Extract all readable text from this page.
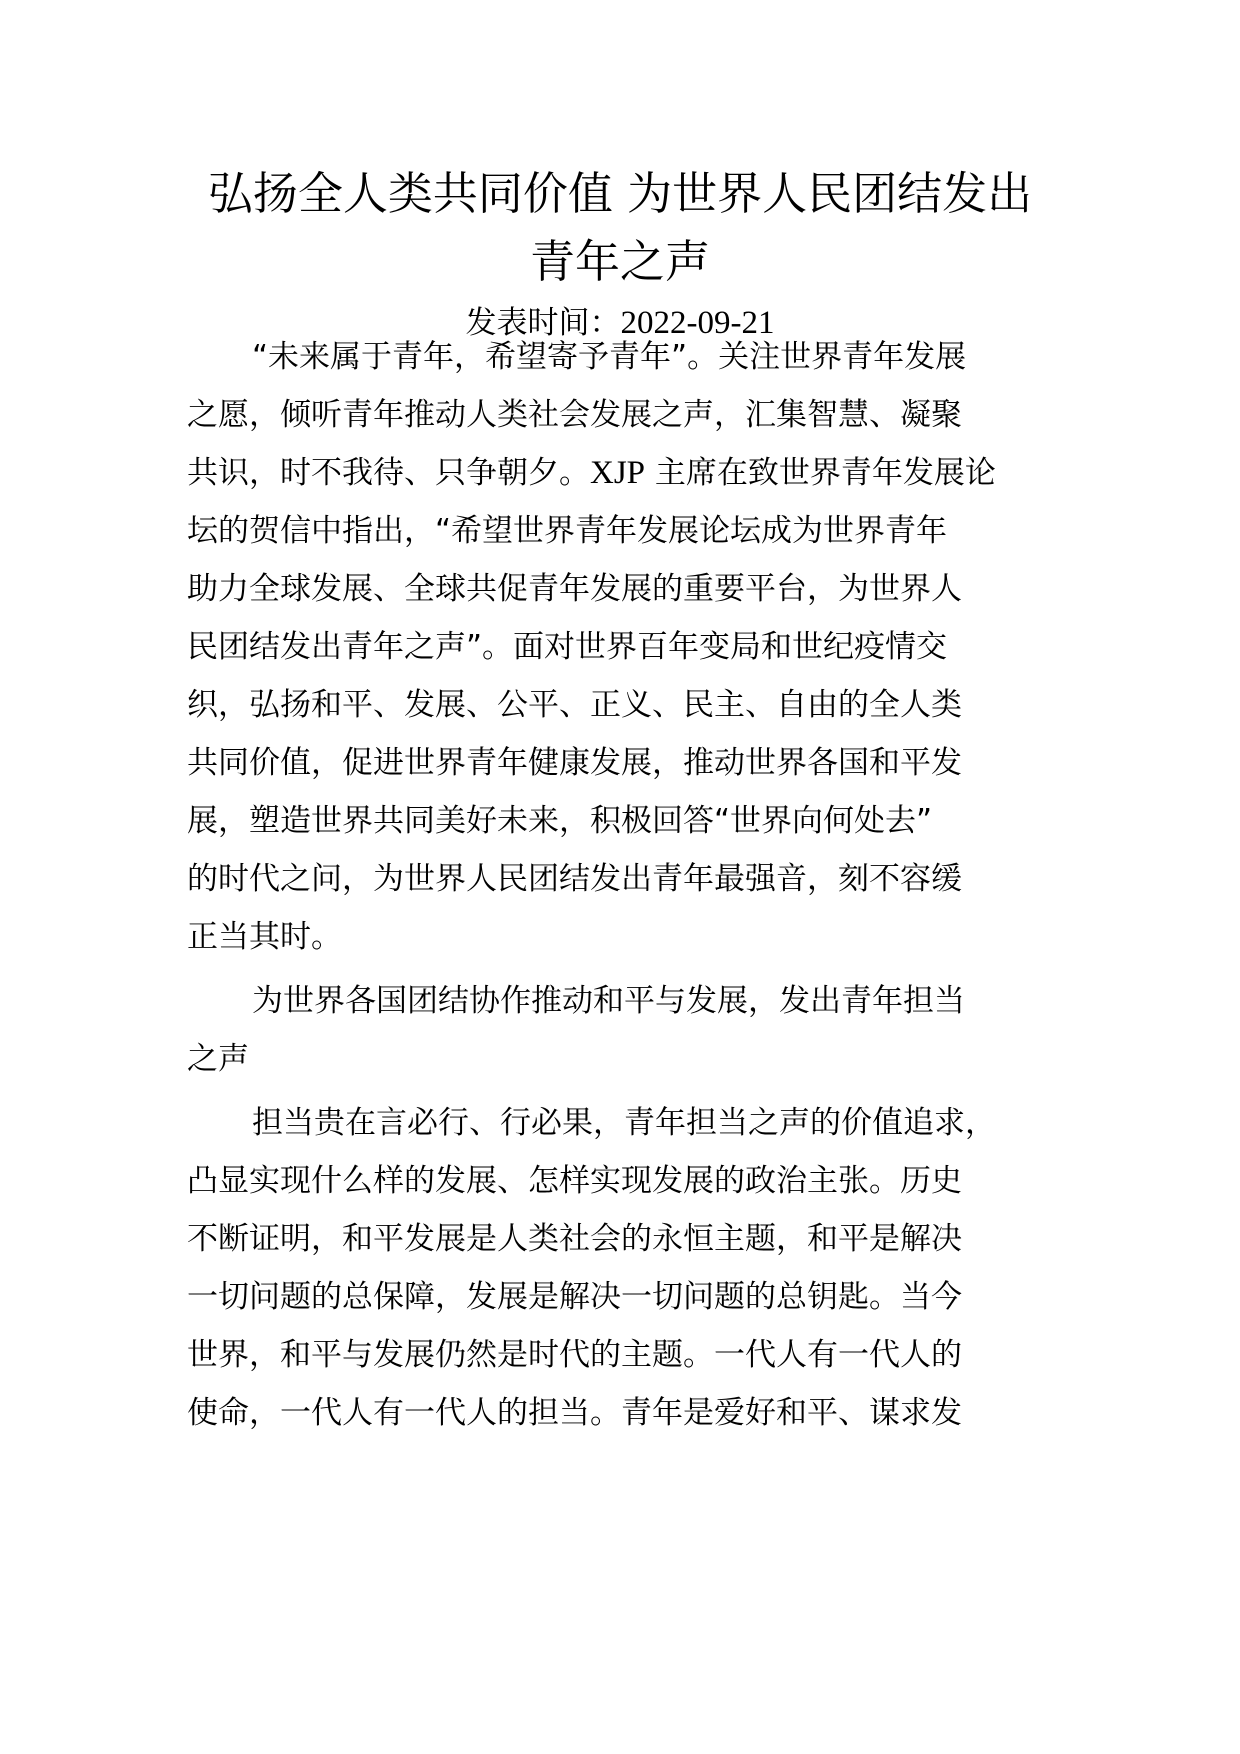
弘扬全人类共同价值 为世界人民团结发出
青年之声
发表时间：2022-09-21
“未来属于青年，希望寄予青年”。关注世界青年发展
之愿，倾听青年推动人类社会发展之声，汇集智慧、凝聚
共识，时不我待、只争朝夕。XJP 主席在致世界青年发展论
坛的贺信中指出，“希望世界青年发展论坛成为世界青年
助力全球发展、全球共促青年发展的重要平台，为世界人
民团结发出青年之声”。面对世界百年变局和世纪疫情交
织，弘扬和平、发展、公平、正义、民主、自由的全人类
共同价值，促进世界青年健康发展，推动世界各国和平发
展，塑造世界共同美好未来，积极回答“世界向何处去”
的时代之问，为世界人民团结发出青年最强音，刻不容缓
正当其时。
为世界各国团结协作推动和平与发展，发出青年担当
之声
担当贵在言必行、行必果，青年担当之声的价值追求，
凸显实现什么样的发展、怎样实现发展的政治主张。历史
不断证明，和平发展是人类社会的永恒主题，和平是解决
一切问题的总保障，发展是解决一切问题的总钥匙。当今
世界，和平与发展仍然是时代的主题。一代人有一代人的
使命，一代人有一代人的担当。青年是爱好和平、谋求发
